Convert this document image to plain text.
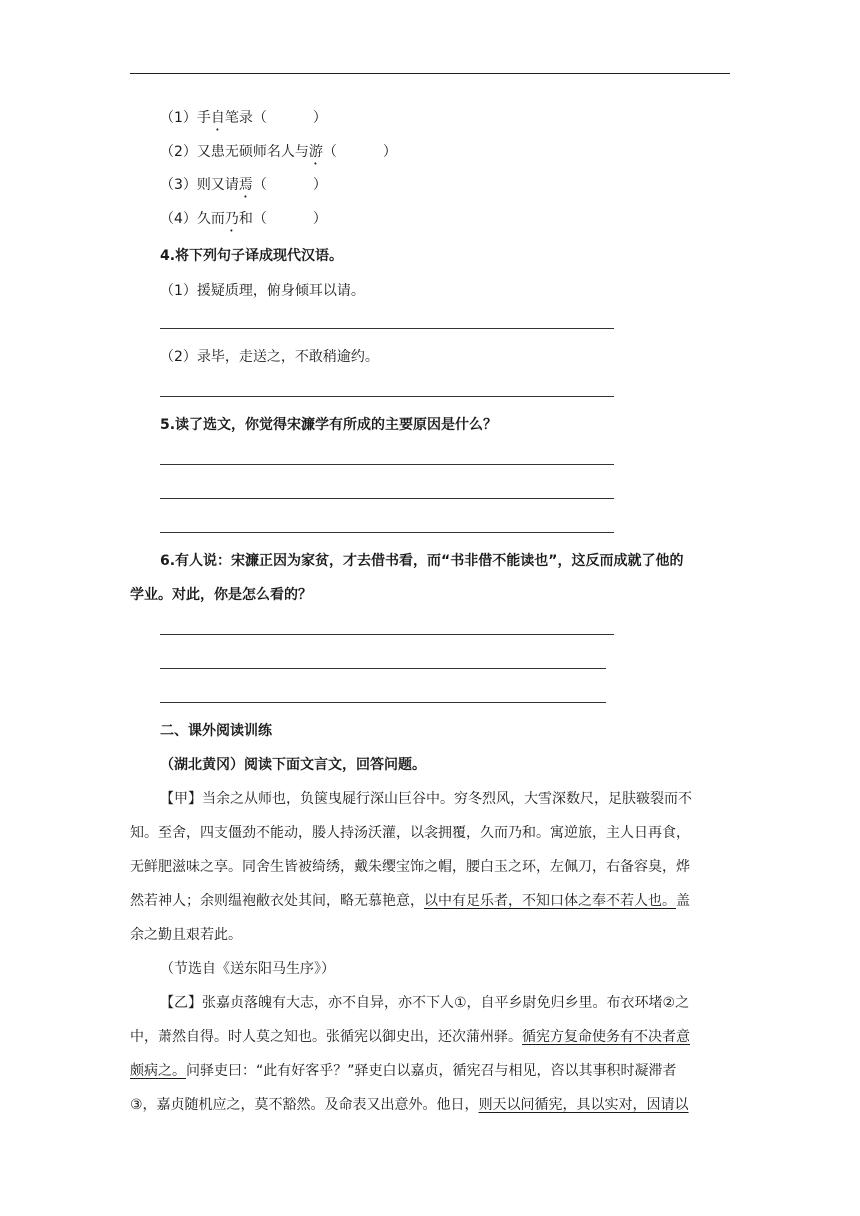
（1）手自笔录（	）
（2）又患无硕师名人与游（	）
（3）则又请焉（	）
（4）久而乃和（	）
4.将下列句子译成现代汉语。
（1）援疑质理，俯身倾耳以请。
（2）录毕，走送之，不敢稍逾约。
5.读了选文，你觉得宋濂学有所成的主要原因是什么？
6.有人说：宋濂正因为家贫，才去借书看，而“书非借不能读也”，这反而成就了他的
学业。对此，你是怎么看的？
二、课外阅读训练
（湖北黄冈）阅读下面文言文，回答问题。
【甲】当余之从师也，负箧曳屣行深山巨谷中。穷冬烈风，大雪深数尺，足肤皲裂而不
知。至舍，四支僵劲不能动，媵人持汤沃灌，以衾拥覆，久而乃和。寓逆旅，主人日再食，
无鲜肥滋味之享。同舍生皆被绮绣，戴朱缨宝饰之帽，腰白玉之环，左佩刀，右备容臭，烨
然若神人；余则缊袍敝衣处其间，略无慕艳意，以中有足乐者，不知口体之奉不若人也。盖
余之勤且艰若此。
（节选自《送东阳马生序》）
【乙】张嘉贞落魄有大志，亦不自异，亦不下人①，自平乡尉免归乡里。布衣环堵②之
中，萧然自得。时人莫之知也。张循宪以御史出，还次蒲州驿。循宪方复命使务有不决者意
颇病之。问驿吏曰：“此有好客乎？”驿吏白以嘉贞，循宪召与相见，咨以其事积时凝滞者
③，嘉贞随机应之，莫不豁然。及命表又出意外。他日，则天以问循宪，具以实对，因请以
